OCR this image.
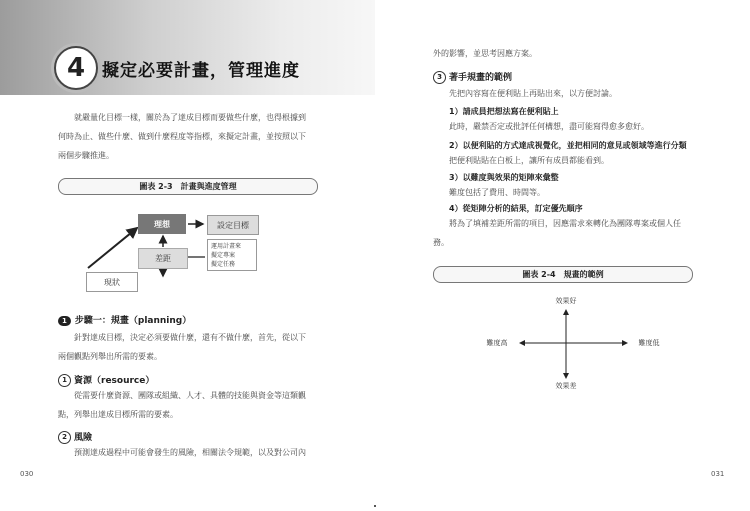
4 擬定必要計畫，管理進度
就嚴量化目標一樣，關於為了達成目標而要做些什麼，也得根據到
何時為止、做些什麼、做到什麼程度等指標，來擬定計畫，並按照以下
兩個步驟推進。
圖表 2-3　計畫與進度管理
理想	設定目標
差距
運用計畫來
擬定專案
擬定任務
現狀
1 步驟一：規畫（planning）
針對達成目標，決定必須要做什麼，還有不做什麼，首先，從以下
兩個觀點列舉出所需的要素。
1 資源（resource）
從需要什麼資源、團隊或組織、人才、具體的技能與資金等這類觀
點，列舉出達成目標所需的要素。
2 風險
預測達成過程中可能會發生的風險，相關法令規範，以及對公司內
030
外的影響，並思考因應方案。
3 著手規畫的範例
先把內容寫在便利貼上再貼出來，以方便討論。
1）請成員把想法寫在便利貼上
此時，嚴禁否定或批評任何構想，盡可能寫得愈多愈好。
2）以便利貼的方式達成視覺化，並把相同的意見或領域等進行分類
把便利貼貼在白板上，讓所有成員都能看到。
3）以難度與效果的矩陣來彙整
難度包括了費用、時間等。
4）從矩陣分析的結果，訂定優先順序
將為了填補差距所需的項目，因應需求來轉化為團隊專案或個人任
務。
圖表 2-4　規畫的範例
效果好
效果差
難度高	難度低
031
